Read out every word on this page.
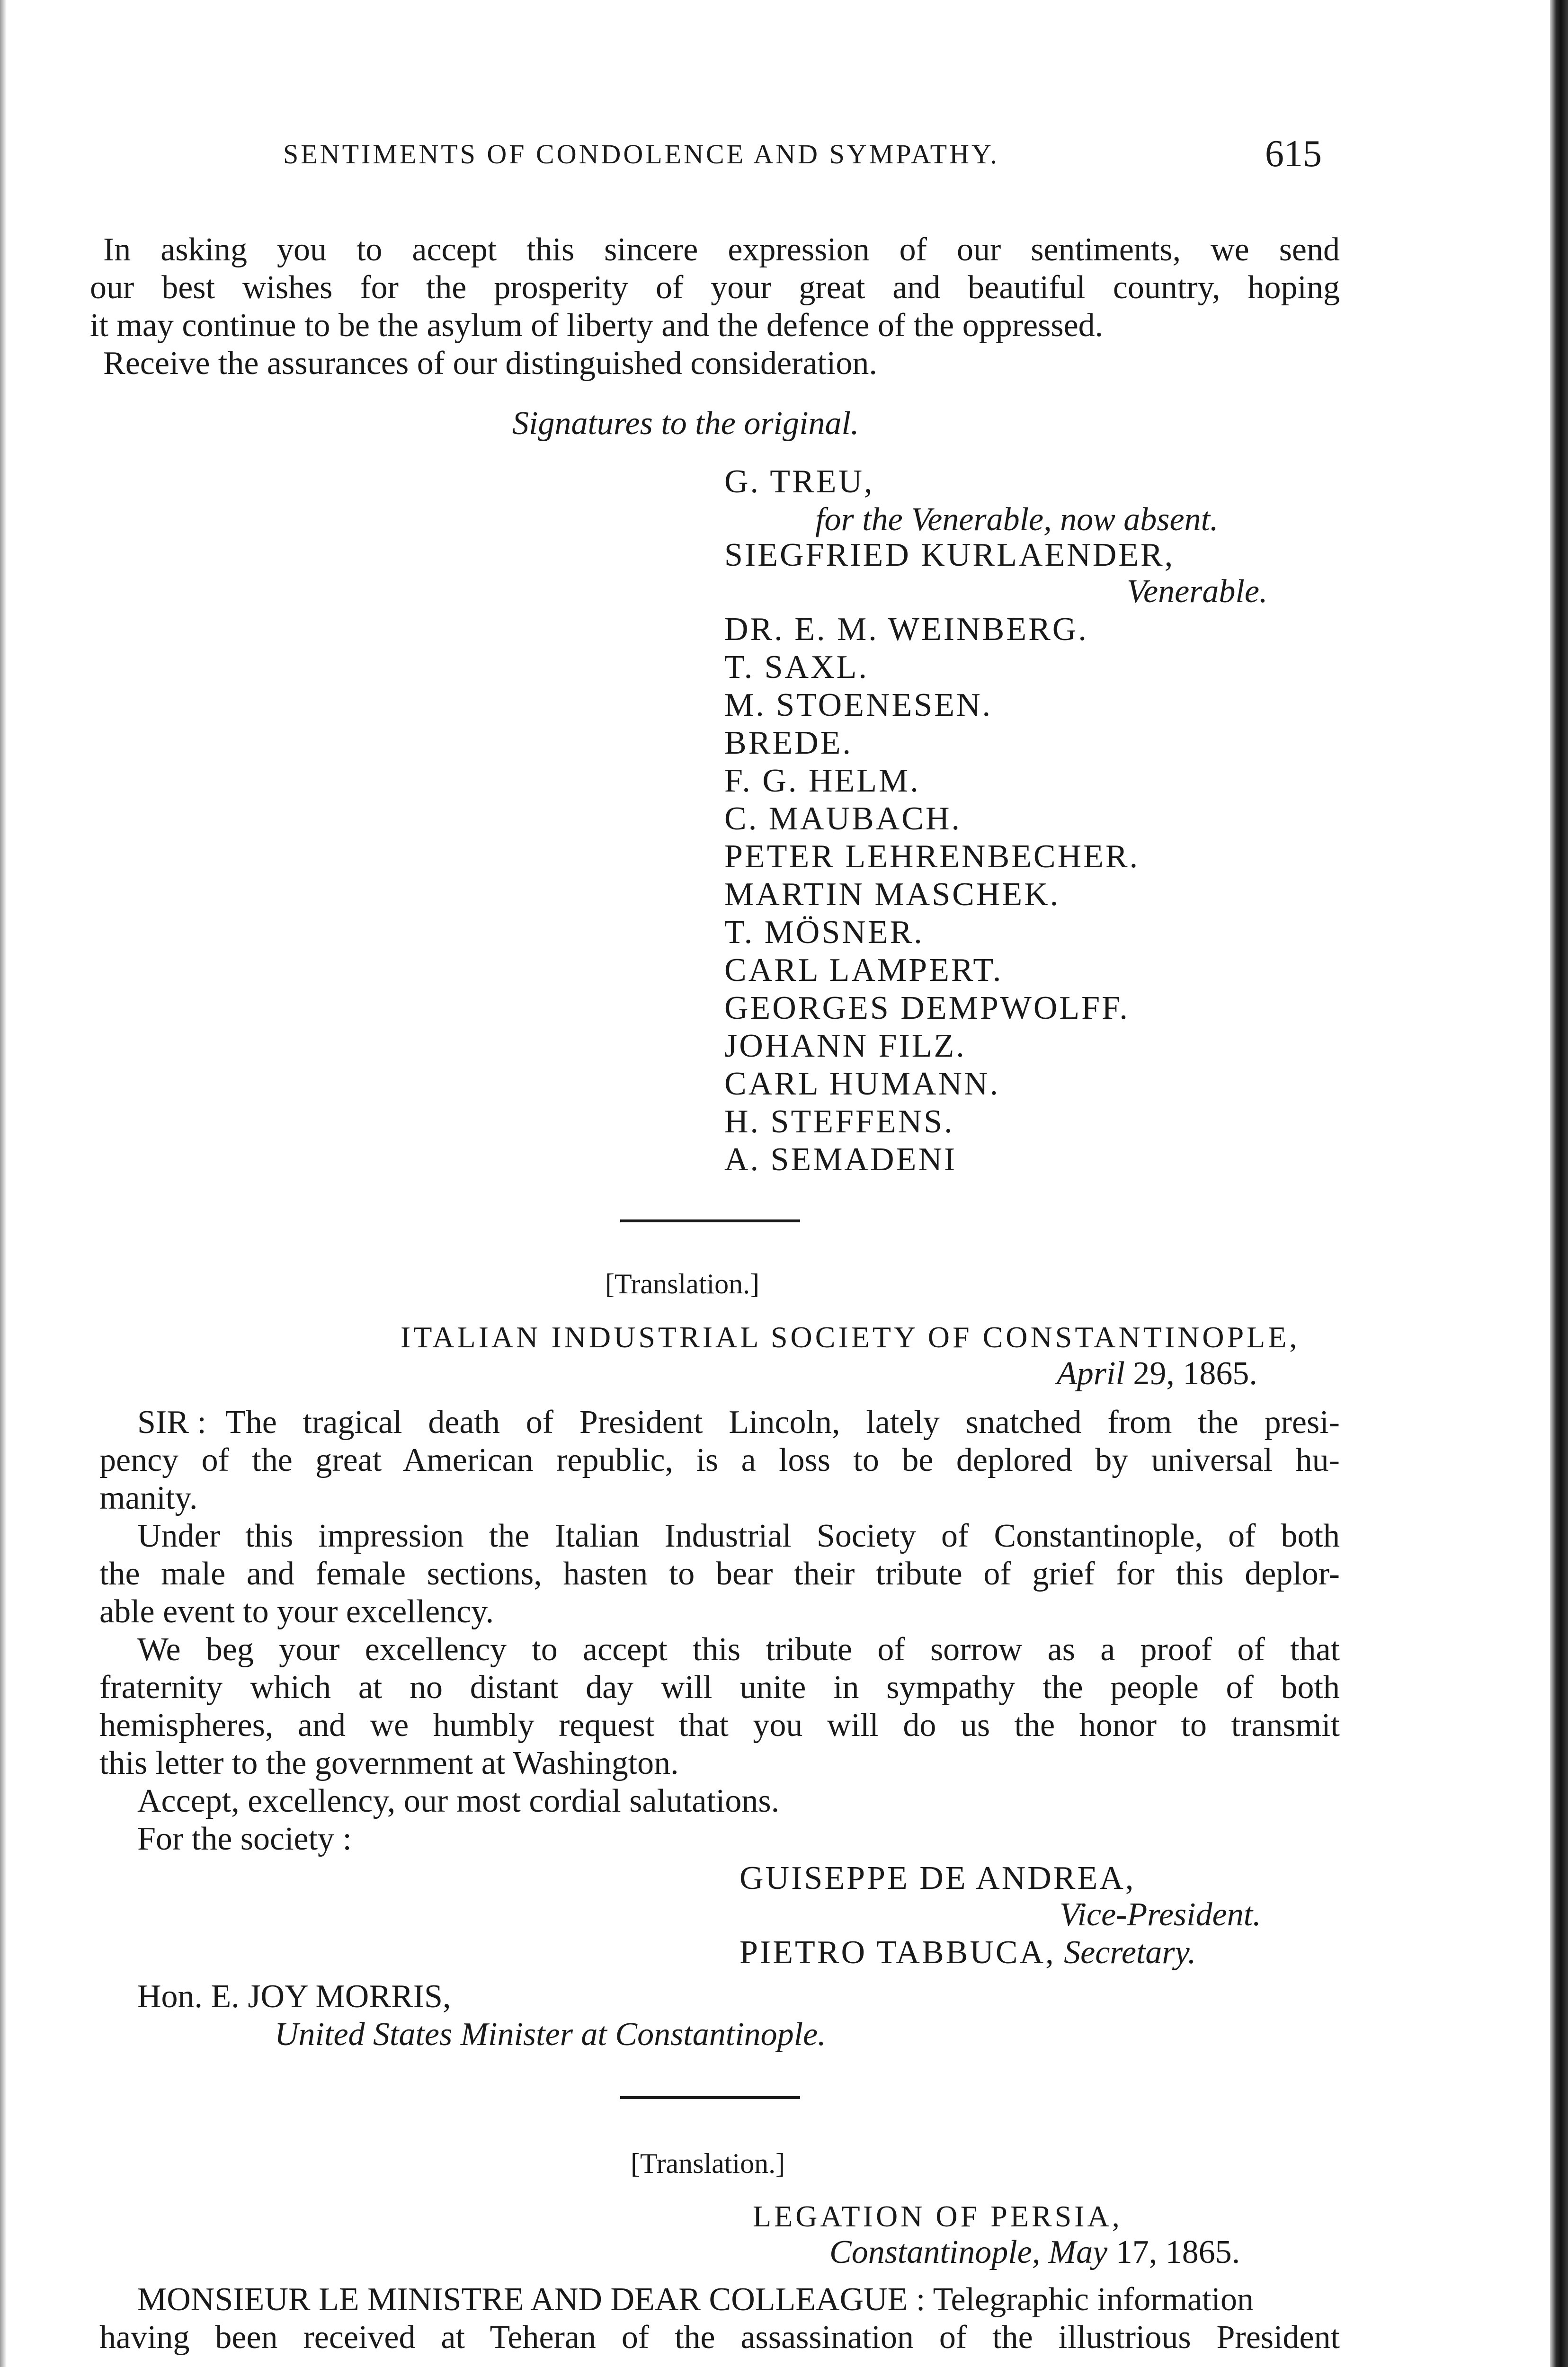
SENTIMENTS OF CONDOLENCE AND SYMPATHY.	615
In asking you to accept this sincere expression of our sentiments, we send
our best wishes for the prosperity of your great and beautiful country, hoping
it may continue to be the asylum of liberty and the defence of the oppressed.
Receive the assurances of our distinguished consideration.
Signatures to the original.
G. TREU,
for the Venerable, now absent.
SIEGFRIED KURLAENDER,
Venerable.
DR. E. M. WEINBERG.
T. SAXL.
M. STOENESEN.
BREDE.
F. G. HELM.
C. MAUBACH.
PETER LEHRENBECHER.
MARTIN MASCHEK.
T. MÖSNER.
CARL LAMPERT.
GEORGES DEMPWOLFF.
JOHANN FILZ.
CARL HUMANN.
H. STEFFENS.
A. SEMADENI
[Translation.]
ITALIAN INDUSTRIAL SOCIETY OF CONSTANTINOPLE,
April 29, 1865.
SIR : The tragical death of President Lincoln, lately snatched from the presi-
pency of the great American republic, is a loss to be deplored by universal hu-
manity.
Under this impression the Italian Industrial Society of Constantinople, of both
the male and female sections, hasten to bear their tribute of grief for this deplor-
able event to your excellency.
We beg your excellency to accept this tribute of sorrow as a proof of that
fraternity which at no distant day will unite in sympathy the people of both
hemispheres, and we humbly request that you will do us the honor to transmit
this letter to the government at Washington.
Accept, excellency, our most cordial salutations.
For the society :
GUISEPPE DE ANDREA,
Vice-President.
PIETRO TABBUCA, Secretary.
Hon. E. JOY MORRIS,
United States Minister at Constantinople.
[Translation.]
LEGATION OF PERSIA,
Constantinople, May 17, 1865.
MONSIEUR LE MINISTRE AND DEAR COLLEAGUE : Telegraphic information
having been received at Teheran of the assassination of the illustrious President
